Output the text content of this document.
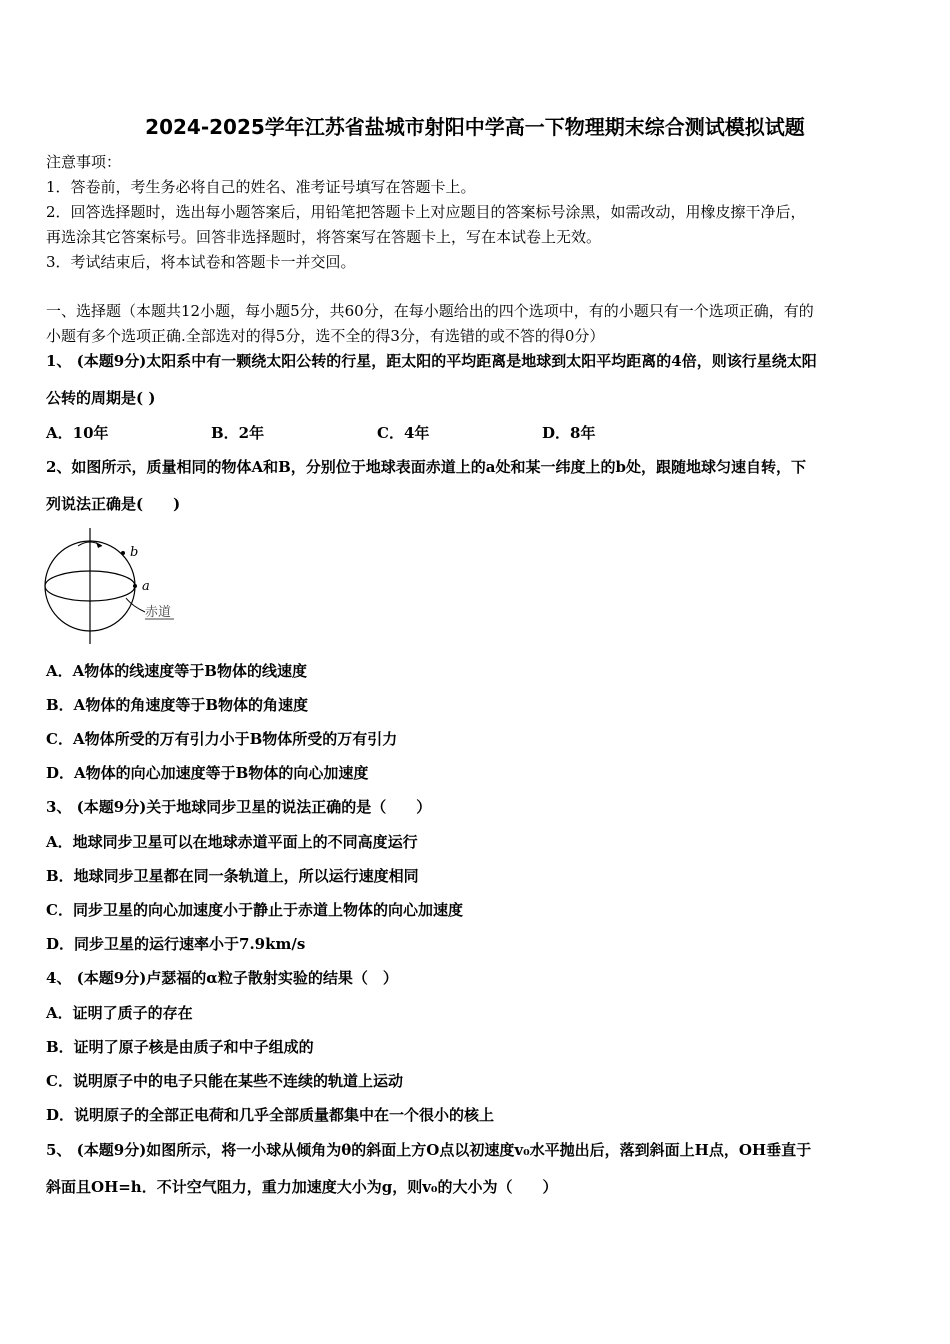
2024-2025学年江苏省盐城市射阳中学高一下物理期末综合测试模拟试题
注意事项：
1．答卷前，考生务必将自己的姓名、准考证号填写在答题卡上。
2．回答选择题时，选出每小题答案后，用铅笔把答题卡上对应题目的答案标号涂黑，如需改动，用橡皮擦干净后，
再选涂其它答案标号。回答非选择题时，将答案写在答题卡上，写在本试卷上无效。
3．考试结束后，将本试卷和答题卡一并交回。
一、选择题（本题共12小题，每小题5分，共60分，在每小题给出的四个选项中，有的小题只有一个选项正确，有的
小题有多个选项正确.全部选对的得5分，选不全的得3分，有选错的或不答的得0分）
1、 (本题9分)太阳系中有一颗绕太阳公转的行星，距太阳的平均距离是地球到太阳平均距离的4倍，则该行星绕太阳
公转的周期是( )
A．10年	B．2年	C．4年	D．8年
2、如图所示，质量相同的物体A和B，分别位于地球表面赤道上的a处和某一纬度上的b处，跟随地球匀速自转，下
列说法正确是(　　)
b
a
赤道
A．A物体的线速度等于B物体的线速度
B．A物体的角速度等于B物体的角速度
C．A物体所受的万有引力小于B物体所受的万有引力
D．A物体的向心加速度等于B物体的向心加速度
3、 (本题9分)关于地球同步卫星的说法正确的是（　　）
A．地球同步卫星可以在地球赤道平面上的不同高度运行
B．地球同步卫星都在同一条轨道上，所以运行速度相同
C．同步卫星的向心加速度小于静止于赤道上物体的向心加速度
D．同步卫星的运行速率小于7.9km/s
4、 (本题9分)卢瑟福的α粒子散射实验的结果（　）
A．证明了质子的存在
B．证明了原子核是由质子和中子组成的
C．说明原子中的电子只能在某些不连续的轨道上运动
D．说明原子的全部正电荷和几乎全部质量都集中在一个很小的核上
5、 (本题9分)如图所示，将一小球从倾角为θ的斜面上方O点以初速度v₀水平抛出后，落到斜面上H点，OH垂直于
斜面且OH=h．不计空气阻力，重力加速度大小为g，则v₀的大小为（　　）
